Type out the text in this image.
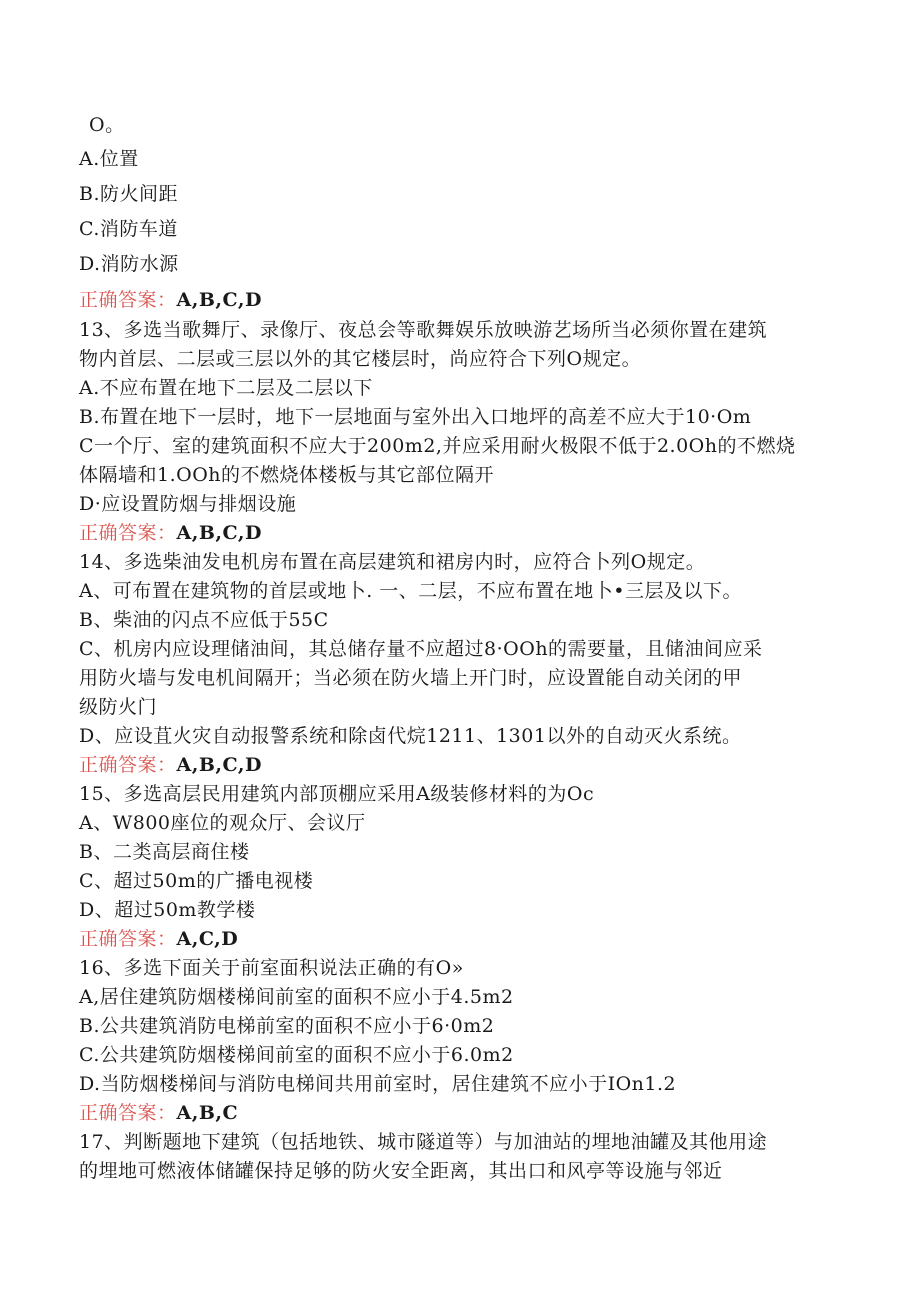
O。
A.位置
B.防火间距
C.消防车道
D.消防水源
正确答案：A,B,C,D
13、多选当歌舞厅、录像厅、夜总会等歌舞娱乐放映游艺场所当必须你置在建筑
物内首层、二层或三层以外的其它楼层时，尚应符合下列O规定。
A.不应布置在地下二层及二层以下
B.布置在地下一层时，地下一层地面与室外出入口地坪的高差不应大于10·Om
C一个厅、室的建筑面积不应大于200m2,并应采用耐火极限不低于2.0Oh的不燃烧
体隔墙和1.OOh的不燃烧体楼板与其它部位隔开
D·应设置防烟与排烟设施
正确答案：A,B,C,D
14、多选柴油发电机房布置在高层建筑和裙房内时，应符合卜列O规定。
A、可布置在建筑物的首层或地卜. 一、二层，不应布置在地卜•三层及以下。
B、柴油的闪点不应低于55C
C、机房内应设理储油间，其总储存量不应超过8·OOh的需要量，且储油间应采
用防火墙与发电机间隔开；当必须在防火墙上开门时，应设置能自动关闭的甲
级防火门
D、应设苴火灾自动报警系统和除卤代烷1211、1301以外的自动灭火系统。
正确答案：A,B,C,D
15、多选高层民用建筑内部顶棚应采用A级装修材料的为Oc
A、W800座位的观众厅、会议厅
B、二类高层商住楼
C、超过50m的广播电视楼
D、超过50m教学楼
正确答案：A,C,D
16、多选下面关于前室面积说法正确的有O»
A,居住建筑防烟楼梯间前室的面积不应小于4.5m2
B.公共建筑消防电梯前室的面积不应小于6·0m2
C.公共建筑防烟楼梯间前室的面积不应小于6.0m2
D.当防烟楼梯间与消防电梯间共用前室时，居住建筑不应小于IOn1.2
正确答案：A,B,C
17、判断题地下建筑（包括地铁、城市隧道等）与加油站的埋地油罐及其他用途
的埋地可燃液体储罐保持足够的防火安全距离，其出口和风亭等设施与邻近
